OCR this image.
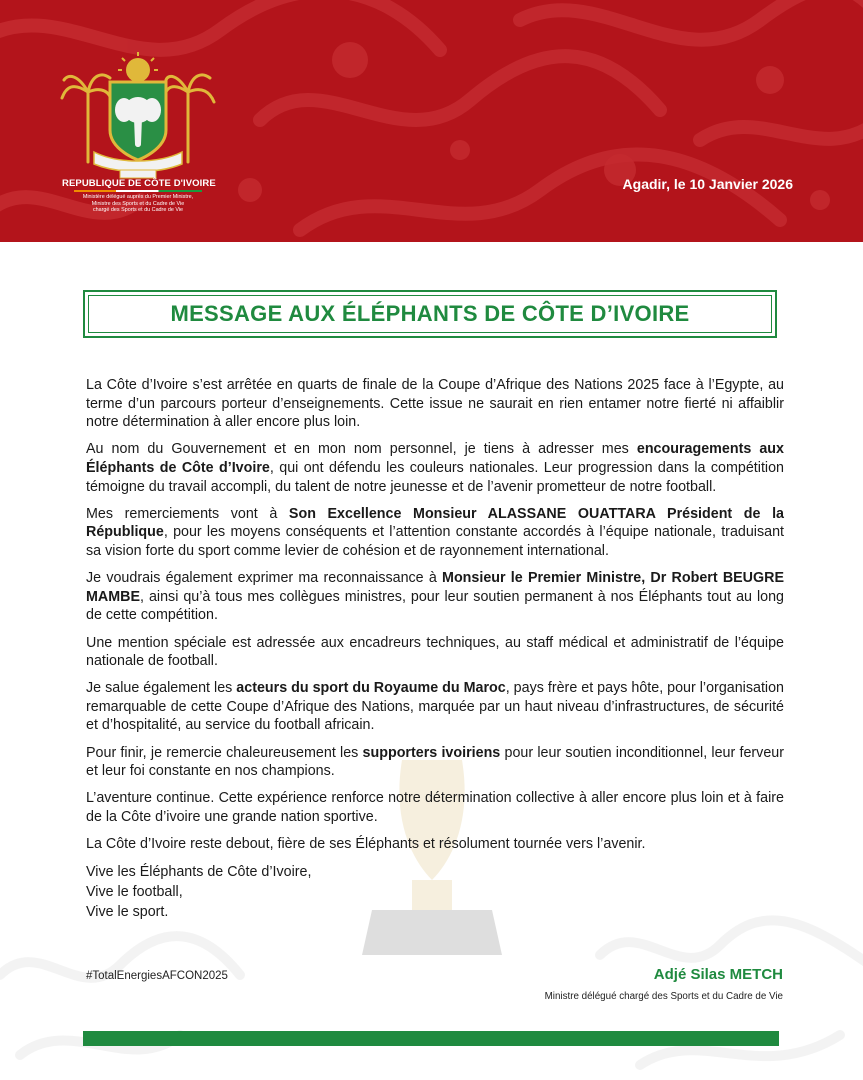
REPUBLIQUE DE CÔTE D'IVOIRE
Ministère délégué auprès du Premier Ministre,
Ministre des Sports et du Cadre de Vie
chargé des Sports et du Cadre de Vie
Agadir, le 10 Janvier 2026
MESSAGE AUX ÉLÉPHANTS DE CÔTE D’IVOIRE

La Côte d’Ivoire s’est arrêtée en quarts de finale de la Coupe d’Afrique des Nations 2025 face à l’Egypte, au terme d’un parcours porteur d’enseignements. Cette issue ne saurait en rien entamer notre fierté ni affaiblir notre détermination à aller encore plus loin.

Au nom du Gouvernement et en mon nom personnel, je tiens à adresser mes encouragements aux Éléphants de Côte d’Ivoire, qui ont défendu les couleurs nationales. Leur progression dans la compétition témoigne du travail accompli, du talent de notre jeunesse et de l’avenir prometteur de notre football.

Mes remerciements vont à Son Excellence Monsieur ALASSANE OUATTARA Président de la République, pour les moyens conséquents et l’attention constante accordés à l’équipe nationale, traduisant sa vision forte du sport comme levier de cohésion et de rayonnement international.

Je voudrais également exprimer ma reconnaissance à Monsieur le Premier Ministre, Dr Robert BEUGRE MAMBE, ainsi qu’à tous mes collègues ministres, pour leur soutien permanent à nos Éléphants tout au long de cette compétition.

Une mention spéciale est adressée aux encadreurs techniques, au staff médical et administratif de l’équipe nationale de football.

Je salue également les acteurs du sport du Royaume du Maroc, pays frère et pays hôte, pour l’organisation remarquable de cette Coupe d’Afrique des Nations, marquée par un haut niveau d’infrastructures, de sécurité et d’hospitalité, au service du football africain.

Pour finir, je remercie chaleureusement les supporters ivoiriens pour leur soutien inconditionnel, leur ferveur et leur foi constante en nos champions.

L’aventure continue. Cette expérience renforce notre détermination collective à aller encore plus loin et à faire de la Côte d’ivoire une grande nation sportive.

La Côte d’Ivoire reste debout, fière de ses Éléphants et résolument tournée vers l’avenir.

Vive les Éléphants de Côte d’Ivoire,
Vive le football,
Vive le sport.
#TotalEnergiesAFCON2025	Adjé Silas METCH
Ministre délégué chargé des Sports et du Cadre de Vie
